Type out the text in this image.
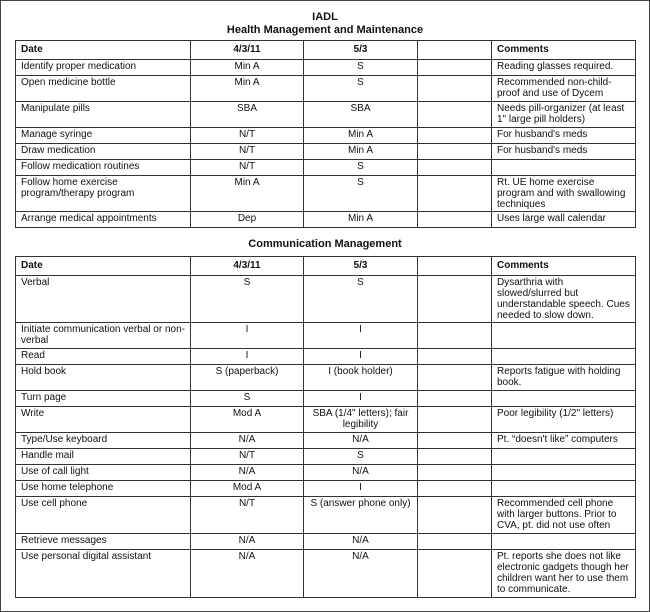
IADL
Health Management and Maintenance
Date	4/3/11	5/3		Comments
Identify proper medication	Min A	S		Reading glasses required.
Open medicine bottle	Min A	S		Recommended non-child-proof and use of Dycem
Manipulate pills	SBA	SBA		Needs pill-organizer (at least 1" large pill holders)
Manage syringe	N/T	Min A		For husband's meds
Draw medication	N/T	Min A		For husband's meds
Follow medication routines	N/T	S		
Follow home exercise program/therapy program	Min A	S		Rt. UE home exercise program and with swallowing techniques
Arrange medical appointments	Dep	Min A		Uses large wall calendar
Communication Management
Date	4/3/11	5/3		Comments
Verbal	S	S		Dysarthria with slowed/slurred but understandable speech. Cues needed to slow down.
Initiate communication verbal or non-verbal	I	I		
Read	I	I		
Hold book	S (paperback)	I (book holder)		Reports fatigue with holding book.
Turn page	S	I		
Write	Mod A	SBA (1/4" letters); fair legibility		Poor legibility (1/2" letters)
Type/Use keyboard	N/A	N/A		Pt. “doesn't like” computers
Handle mail	N/T	S		
Use of call light	N/A	N/A		
Use home telephone	Mod A	I		
Use cell phone	N/T	S (answer phone only)		Recommended cell phone with larger buttons. Prior to CVA, pt. did not use often
Retrieve messages	N/A	N/A		
Use personal digital assistant	N/A	N/A		Pt. reports she does not like electronic gadgets though her children want her to use them to communicate.
